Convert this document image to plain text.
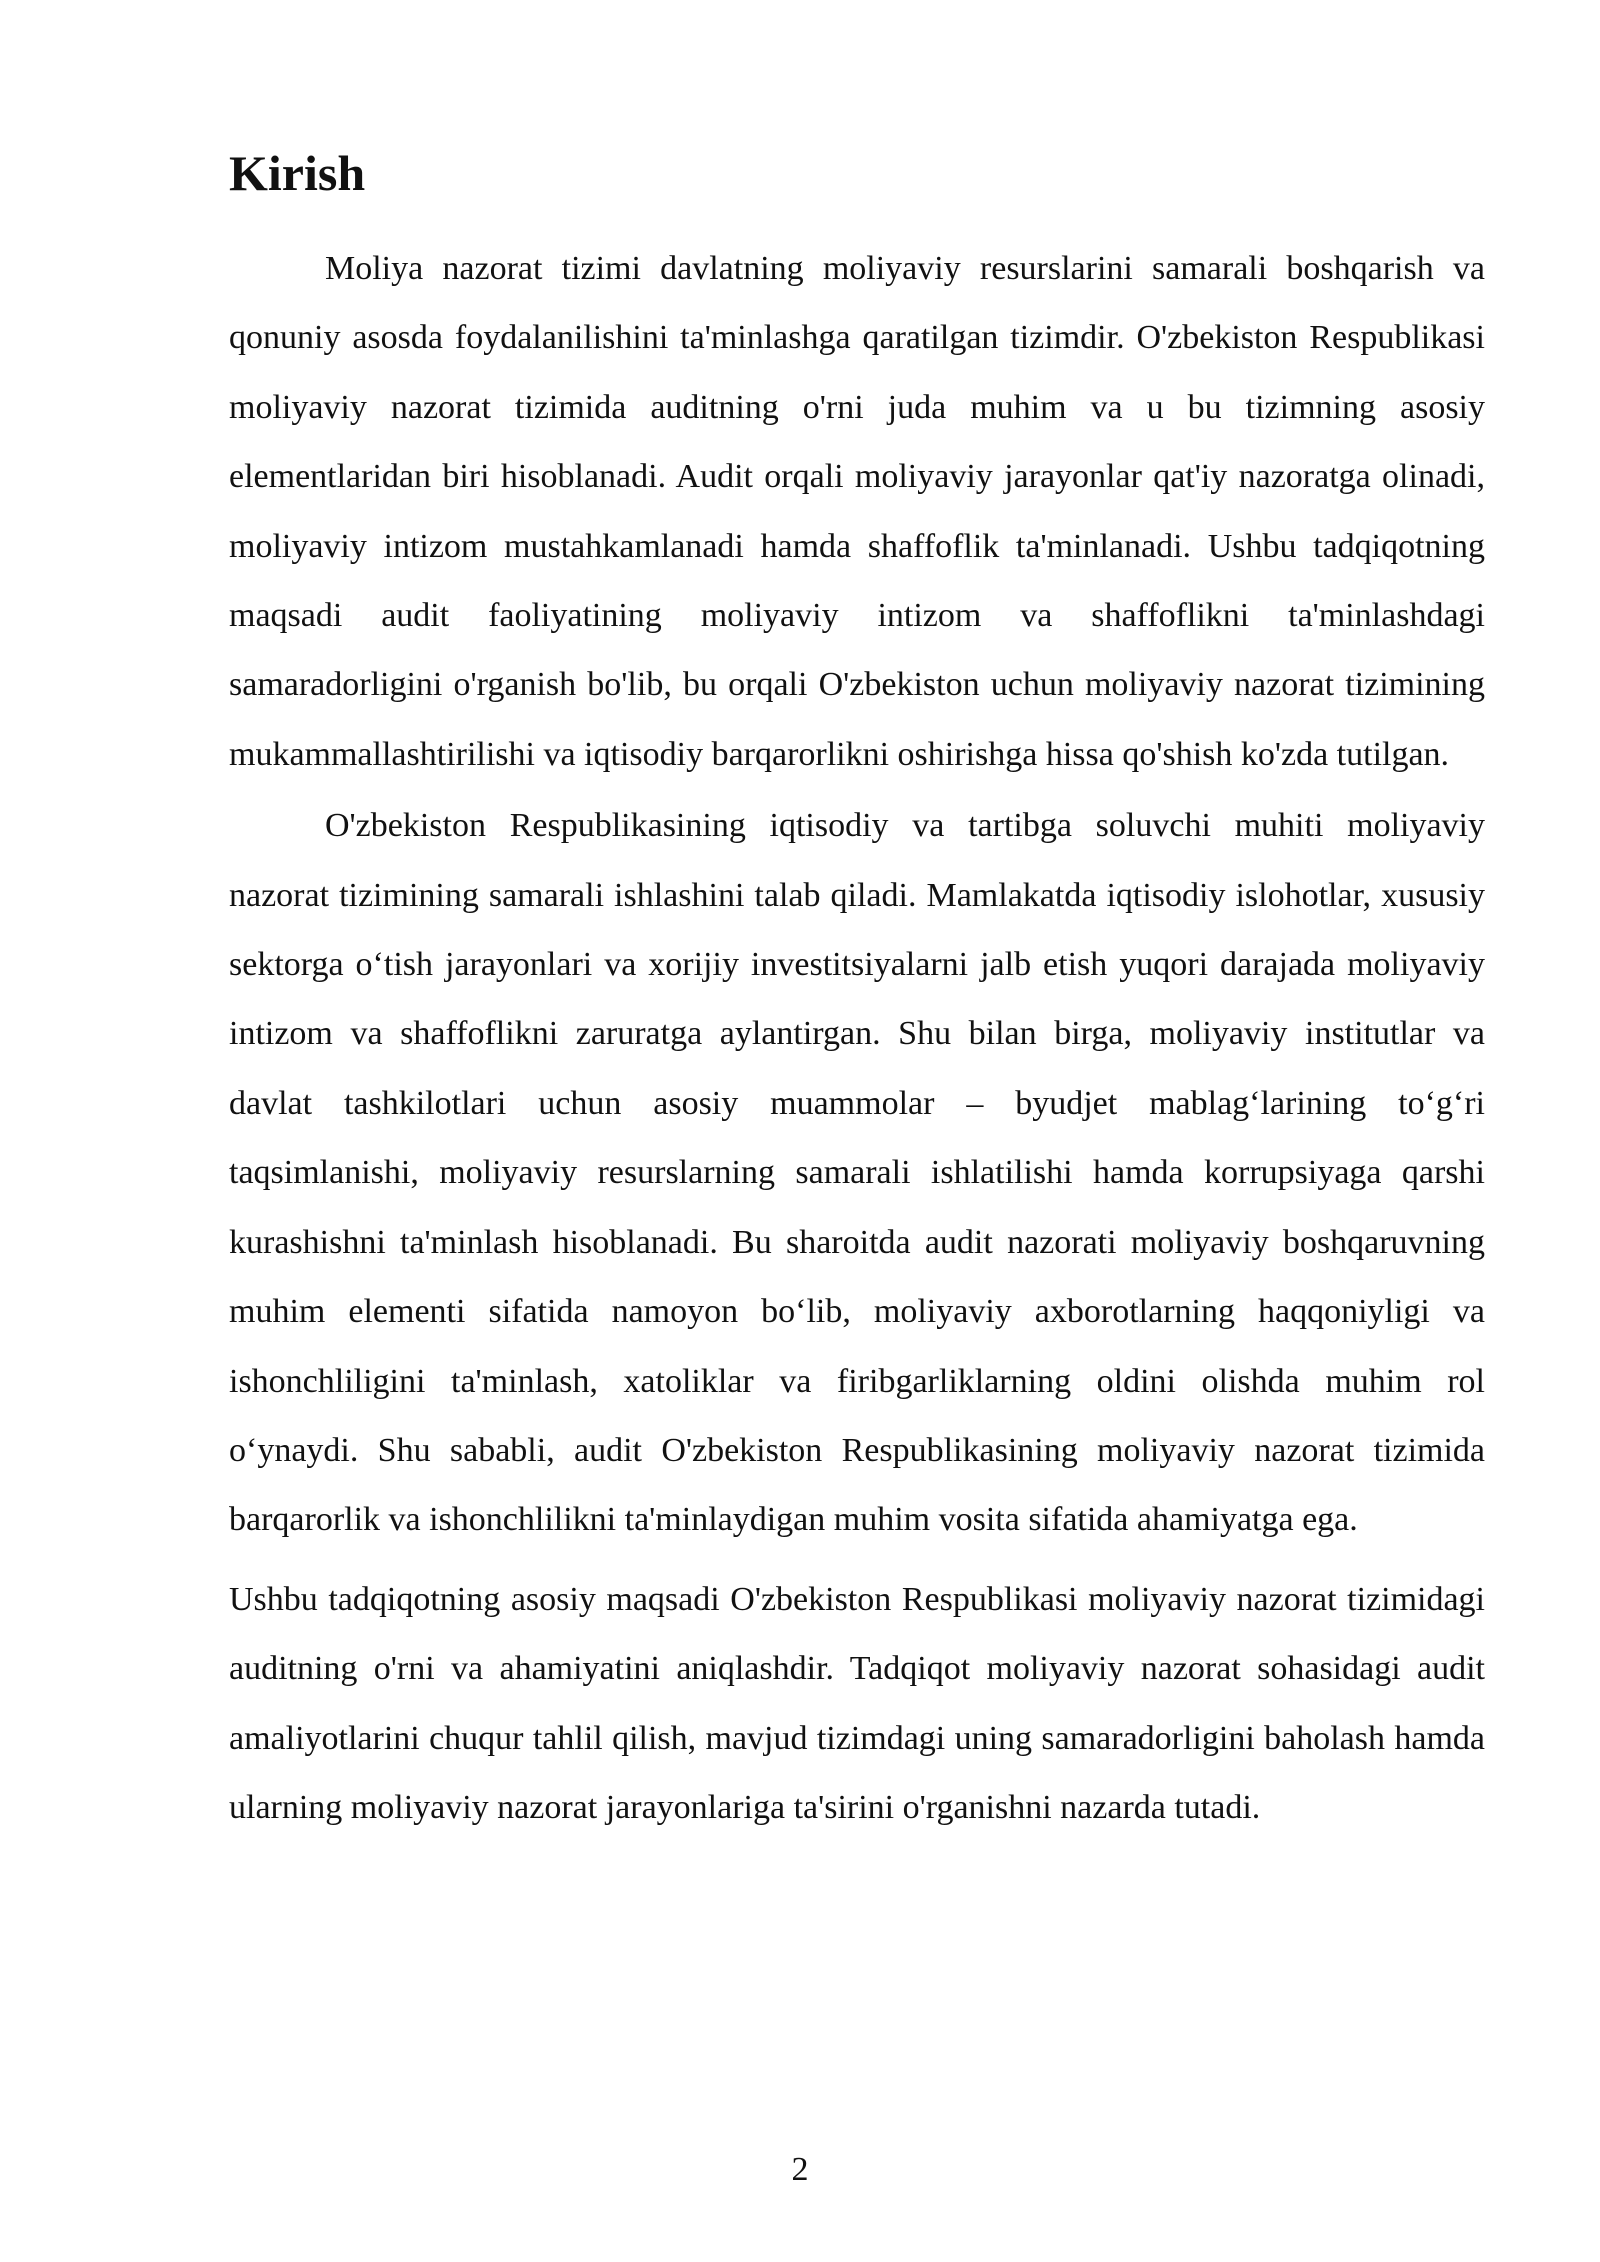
Kirish

Moliya nazorat tizimi davlatning moliyaviy resurslarini samarali boshqarish va qonuniy asosda foydalanilishini ta'minlashga qaratilgan tizimdir. O'zbekiston Respublikasi moliyaviy nazorat tizimida auditning o'rni juda muhim va u bu tizimning asosiy elementlaridan biri hisoblanadi. Audit orqali moliyaviy jarayonlar qat'iy nazoratga olinadi, moliyaviy intizom mustahkamlanadi hamda shaffoflik ta'minlanadi. Ushbu tadqiqotning maqsadi audit faoliyatining moliyaviy intizom va shaffoflikni ta'minlashdagi samaradorligini o'rganish bo'lib, bu orqali O'zbekiston uchun moliyaviy nazorat tizimining mukammallashtirilishi va iqtisodiy barqarorlikni oshirishga hissa qo'shish ko'zda tutilgan.

O'zbekiston Respublikasining iqtisodiy va tartibga soluvchi muhiti moliyaviy nazorat tizimining samarali ishlashini talab qiladi. Mamlakatda iqtisodiy islohotlar, xususiy sektorga o‘tish jarayonlari va xorijiy investitsiyalarni jalb etish yuqori darajada moliyaviy intizom va shaffoflikni zaruratga aylantirgan. Shu bilan birga, moliyaviy institutlar va davlat tashkilotlari uchun asosiy muammolar – byudjet mablag‘larining to‘g‘ri taqsimlanishi, moliyaviy resurslarning samarali ishlatilishi hamda korrupsiyaga qarshi kurashishni ta'minlash hisoblanadi. Bu sharoitda audit nazorati moliyaviy boshqaruvning muhim elementi sifatida namoyon bo‘lib, moliyaviy axborotlarning haqqoniyligi va ishonchliligini ta'minlash, xatoliklar va firibgarliklarning oldini olishda muhim rol o‘ynaydi. Shu sababli, audit O'zbekiston Respublikasining moliyaviy nazorat tizimida barqarorlik va ishonchlilikni ta'minlaydigan muhim vosita sifatida ahamiyatga ega.

Ushbu tadqiqotning asosiy maqsadi O'zbekiston Respublikasi moliyaviy nazorat tizimidagi auditning o'rni va ahamiyatini aniqlashdir. Tadqiqot moliyaviy nazorat sohasidagi audit amaliyotlarini chuqur tahlil qilish, mavjud tizimdagi uning samaradorligini baholash hamda ularning moliyaviy nazorat jarayonlariga ta'sirini o'rganishni nazarda tutadi.

2
